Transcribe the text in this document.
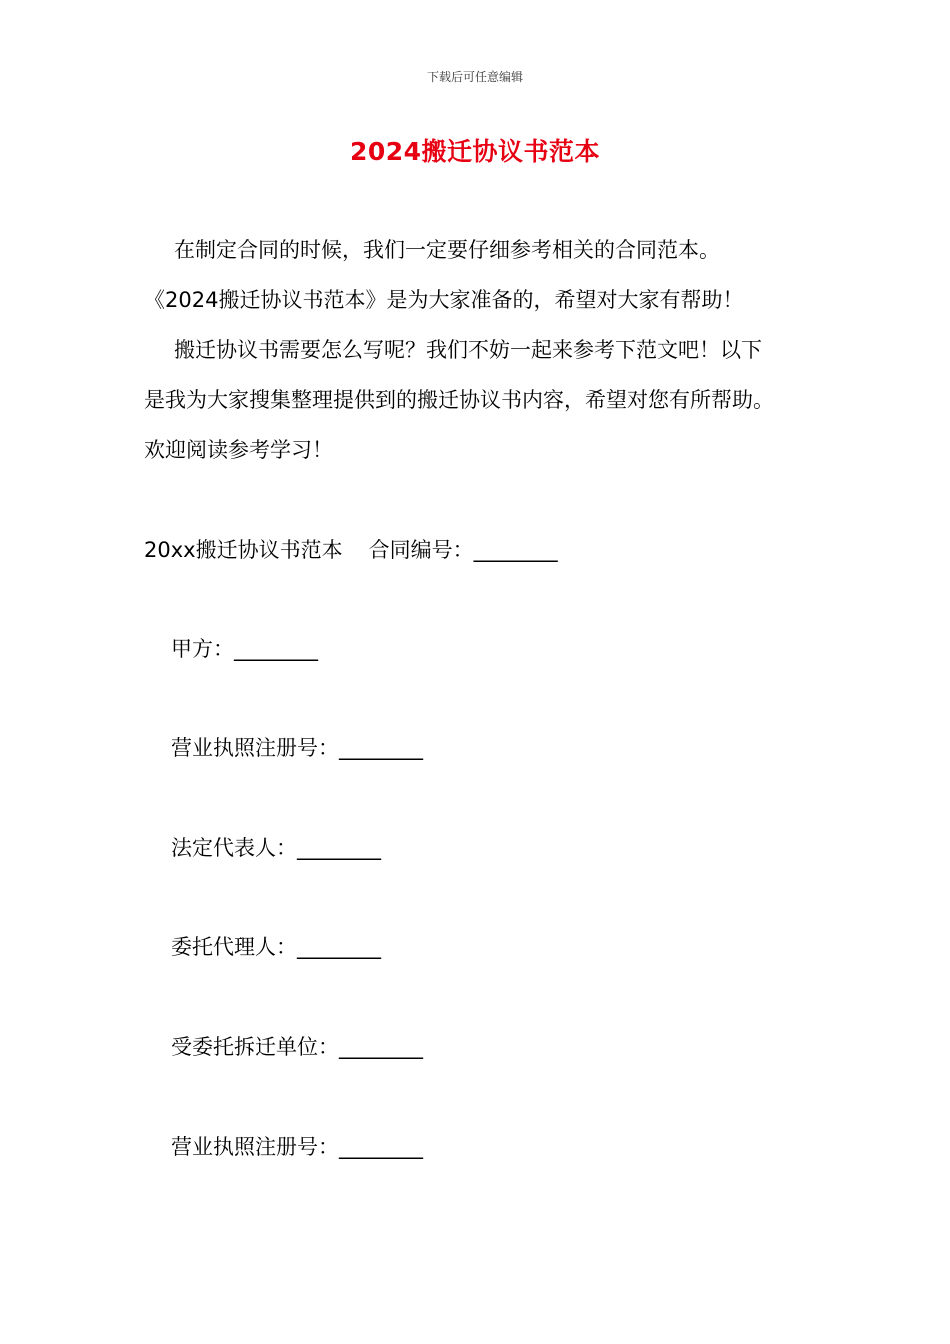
下载后可任意编辑
2024搬迁协议书范本
在制定合同的时候，我们一定要仔细参考相关的合同范本。
《2024搬迁协议书范本》是为大家准备的，希望对大家有帮助！
搬迁协议书需要怎么写呢？我们不妨一起来参考下范文吧！以下
是我为大家搜集整理提供到的搬迁协议书内容，希望对您有所帮助。
欢迎阅读参考学习！
20xx搬迁协议书范本 合同编号：________
甲方：________
营业执照注册号：________
法定代表人：________
委托代理人：________
受委托拆迁单位：________
营业执照注册号：________
